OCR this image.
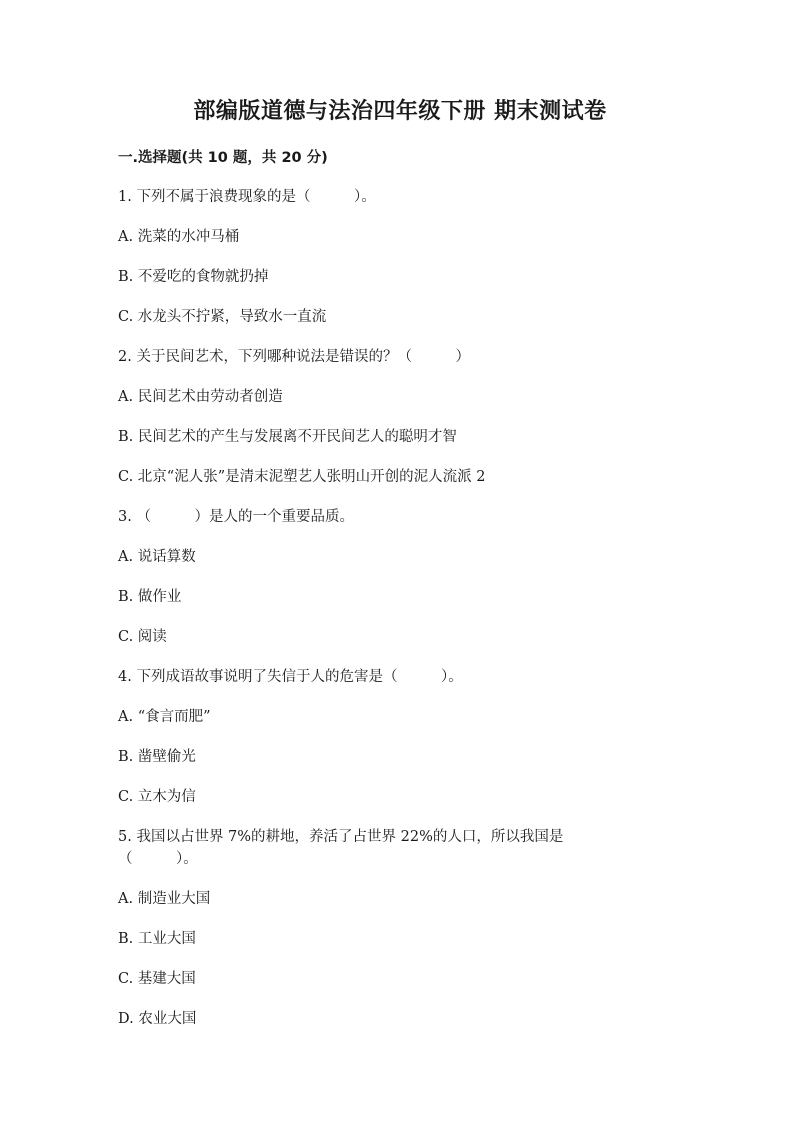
部编版道德与法治四年级下册 期末测试卷
一.选择题(共 10 题，共 20 分)

1. 下列不属于浪费现象的是（　　　）。

A. 洗菜的水冲马桶

B. 不爱吃的食物就扔掉

C. 水龙头不拧紧，导致水一直流

2. 关于民间艺术，下列哪种说法是错误的？（　　　）

A. 民间艺术由劳动者创造

B. 民间艺术的产生与发展离不开民间艺人的聪明才智

C. 北京“泥人张”是清末泥塑艺人张明山开创的泥人流派 2

3. （　　　）是人的一个重要品质。

A. 说话算数

B. 做作业

C. 阅读

4. 下列成语故事说明了失信于人的危害是（　　　）。

A. “食言而肥”

B. 凿壁偷光

C. 立木为信

5. 我国以占世界 7%的耕地，养活了占世界 22%的人口，所以我国是
（　　　）。

A. 制造业大国

B. 工业大国

C. 基建大国

D. 农业大国
